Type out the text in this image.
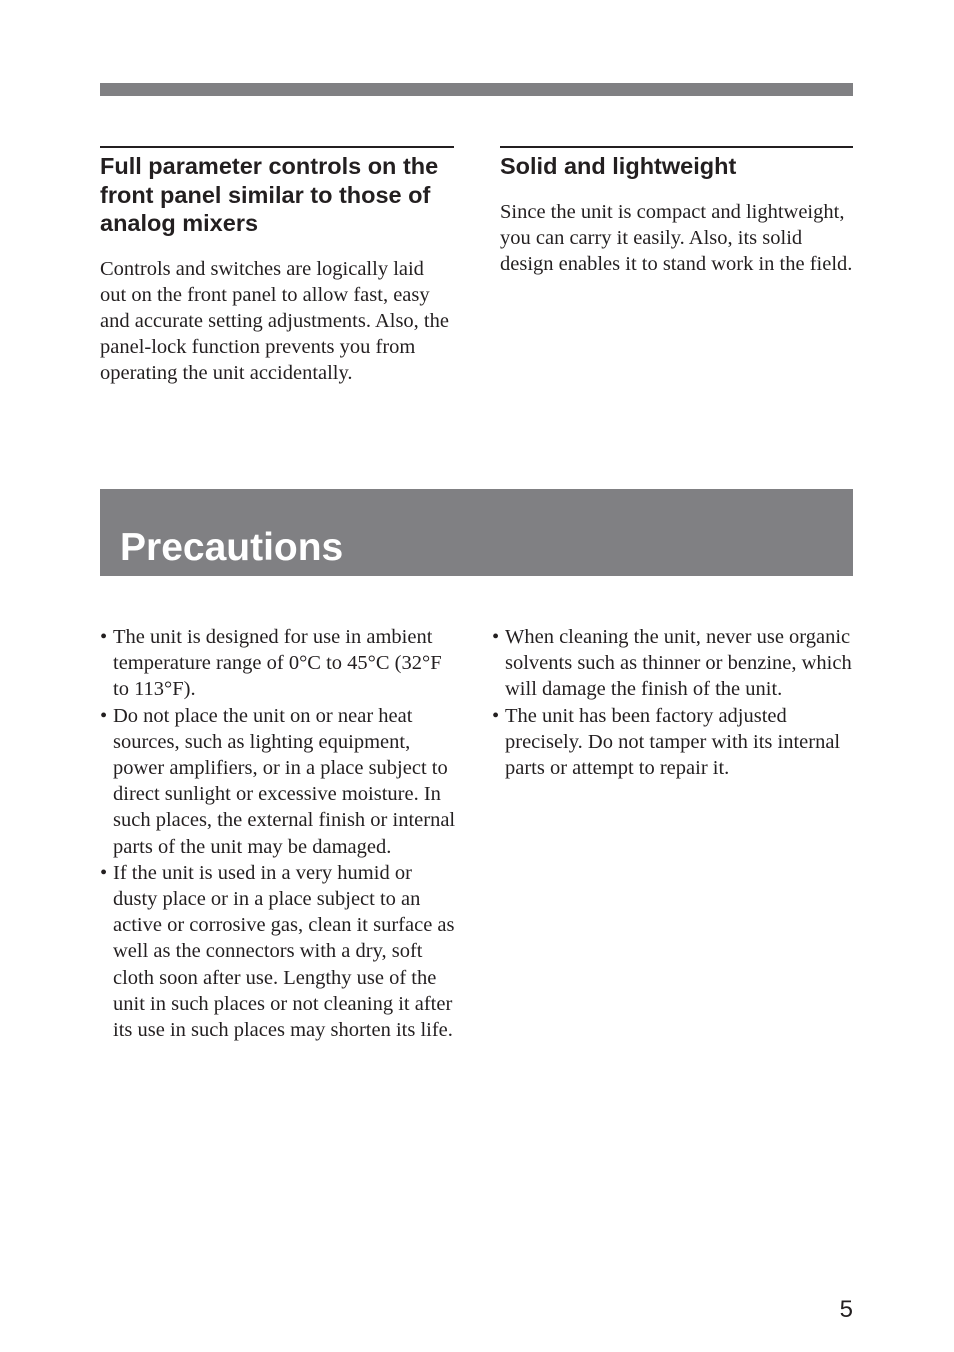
Full parameter controls on the front panel similar to those of analog mixers

Controls and switches are logically laid out on the front panel to allow fast, easy and accurate setting adjustments. Also, the panel-lock function prevents you from operating the unit accidentally.

Solid and lightweight

Since the unit is compact and lightweight, you can carry it easily. Also, its solid design enables it to stand work in the field.

Precautions
• The unit is designed for use in ambient temperature range of 0°C to 45°C (32°F to 113°F).
• Do not place the unit on or near heat sources, such as lighting equipment, power amplifiers, or in a place subject to direct sunlight or excessive moisture. In such places, the external finish or internal parts of the unit may be damaged.
• If the unit is used in a very humid or dusty place or in a place subject to an active or corrosive gas, clean it surface as well as the connectors with a dry, soft cloth soon after use. Lengthy use of the unit in such places or not cleaning it after its use in such places may shorten its life.
• When cleaning the unit, never use organic solvents such as thinner or benzine, which will damage the finish of the unit.
• The unit has been factory adjusted precisely. Do not tamper with its internal parts or attempt to repair it.
5
